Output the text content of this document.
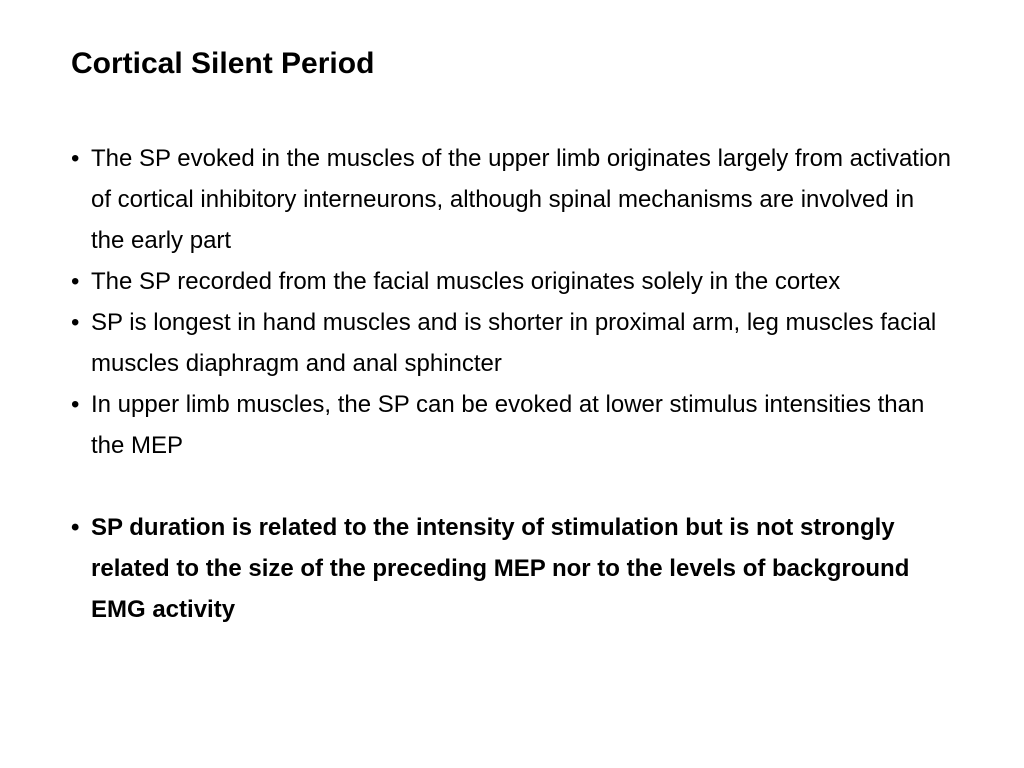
Cortical Silent Period
• The SP evoked in the muscles of the upper limb originates largely from activation of cortical inhibitory interneurons, although spinal mechanisms are involved in the early part
• The SP recorded from the facial muscles originates solely in the cortex
• SP is longest in hand muscles and is shorter in proximal arm, leg muscles facial muscles diaphragm and anal sphincter
• In upper limb muscles, the SP can be evoked at lower stimulus intensities than the MEP
• SP duration is related to the intensity of stimulation but is not strongly related to the size of the preceding MEP nor to the levels of background EMG activity
